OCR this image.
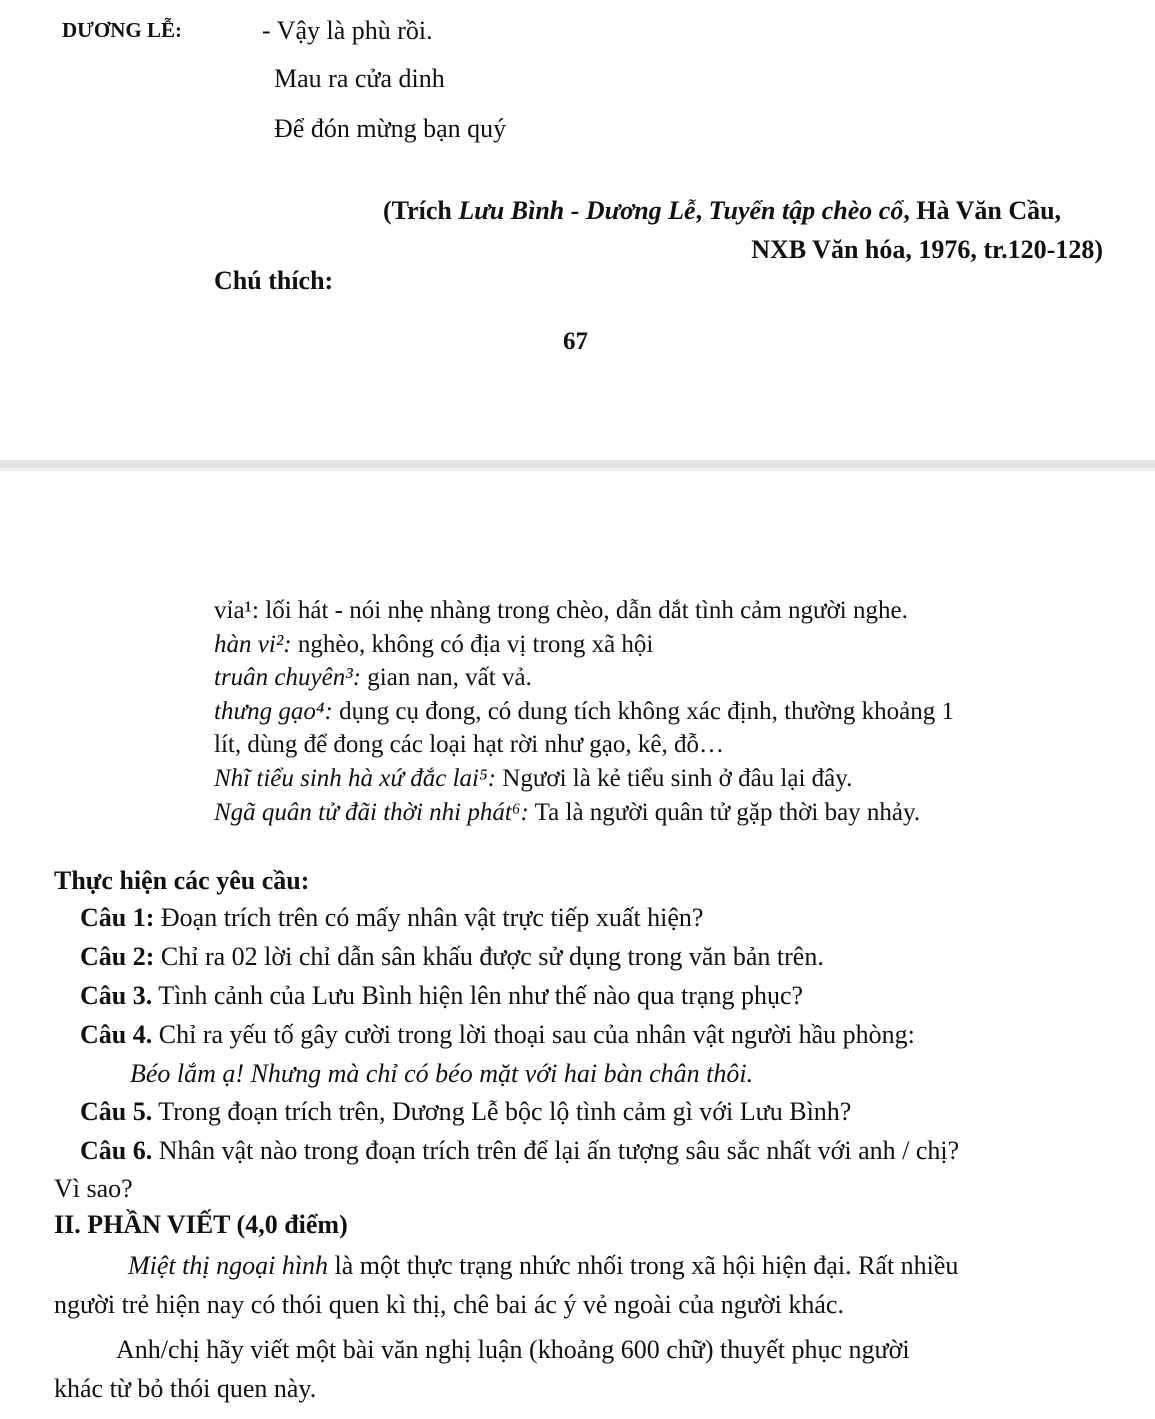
DƯƠNG LỄ:	- Vậy là phù rồi.
Mau ra cửa dinh
Để đón mừng bạn quý
(Trích Lưu Bình - Dương Lễ, Tuyển tập chèo cổ, Hà Văn Cầu,
NXB Văn hóa, 1976, tr.120-128)
Chú thích:
67
vỉa¹: lối hát - nói nhẹ nhàng trong chèo, dẫn dắt tình cảm người nghe.
hàn vi²: nghèo, không có địa vị trong xã hội
truân chuyên³: gian nan, vất vả.
thưng gạo⁴: dụng cụ đong, có dung tích không xác định, thường khoảng 1
lít, dùng để đong các loại hạt rời như gạo, kê, đỗ…
Nhĩ tiểu sinh hà xứ đắc lai⁵: Ngươi là kẻ tiểu sinh ở đâu lại đây.
Ngã quân tử đãi thời nhi phát⁶: Ta là người quân tử gặp thời bay nhảy.
Thực hiện các yêu cầu:
Câu 1: Đoạn trích trên có mấy nhân vật trực tiếp xuất hiện?
Câu 2: Chỉ ra 02 lời chỉ dẫn sân khấu được sử dụng trong văn bản trên.
Câu 3. Tình cảnh của Lưu Bình hiện lên như thế nào qua trạng phục?
Câu 4. Chỉ ra yếu tố gây cười trong lời thoại sau của nhân vật người hầu phòng:
Béo lắm ạ! Nhưng mà chỉ có béo mặt với hai bàn chân thôi.
Câu 5. Trong đoạn trích trên, Dương Lễ bộc lộ tình cảm gì với Lưu Bình?
Câu 6. Nhân vật nào trong đoạn trích trên để lại ấn tượng sâu sắc nhất với anh / chị?
Vì sao?
II. PHẦN VIẾT (4,0 điểm)
Miệt thị ngoại hình là một thực trạng nhức nhối trong xã hội hiện đại. Rất nhiều
người trẻ hiện nay có thói quen kì thị, chê bai ác ý vẻ ngoài của người khác.
Anh/chị hãy viết một bài văn nghị luận (khoảng 600 chữ) thuyết phục người
khác từ bỏ thói quen này.
